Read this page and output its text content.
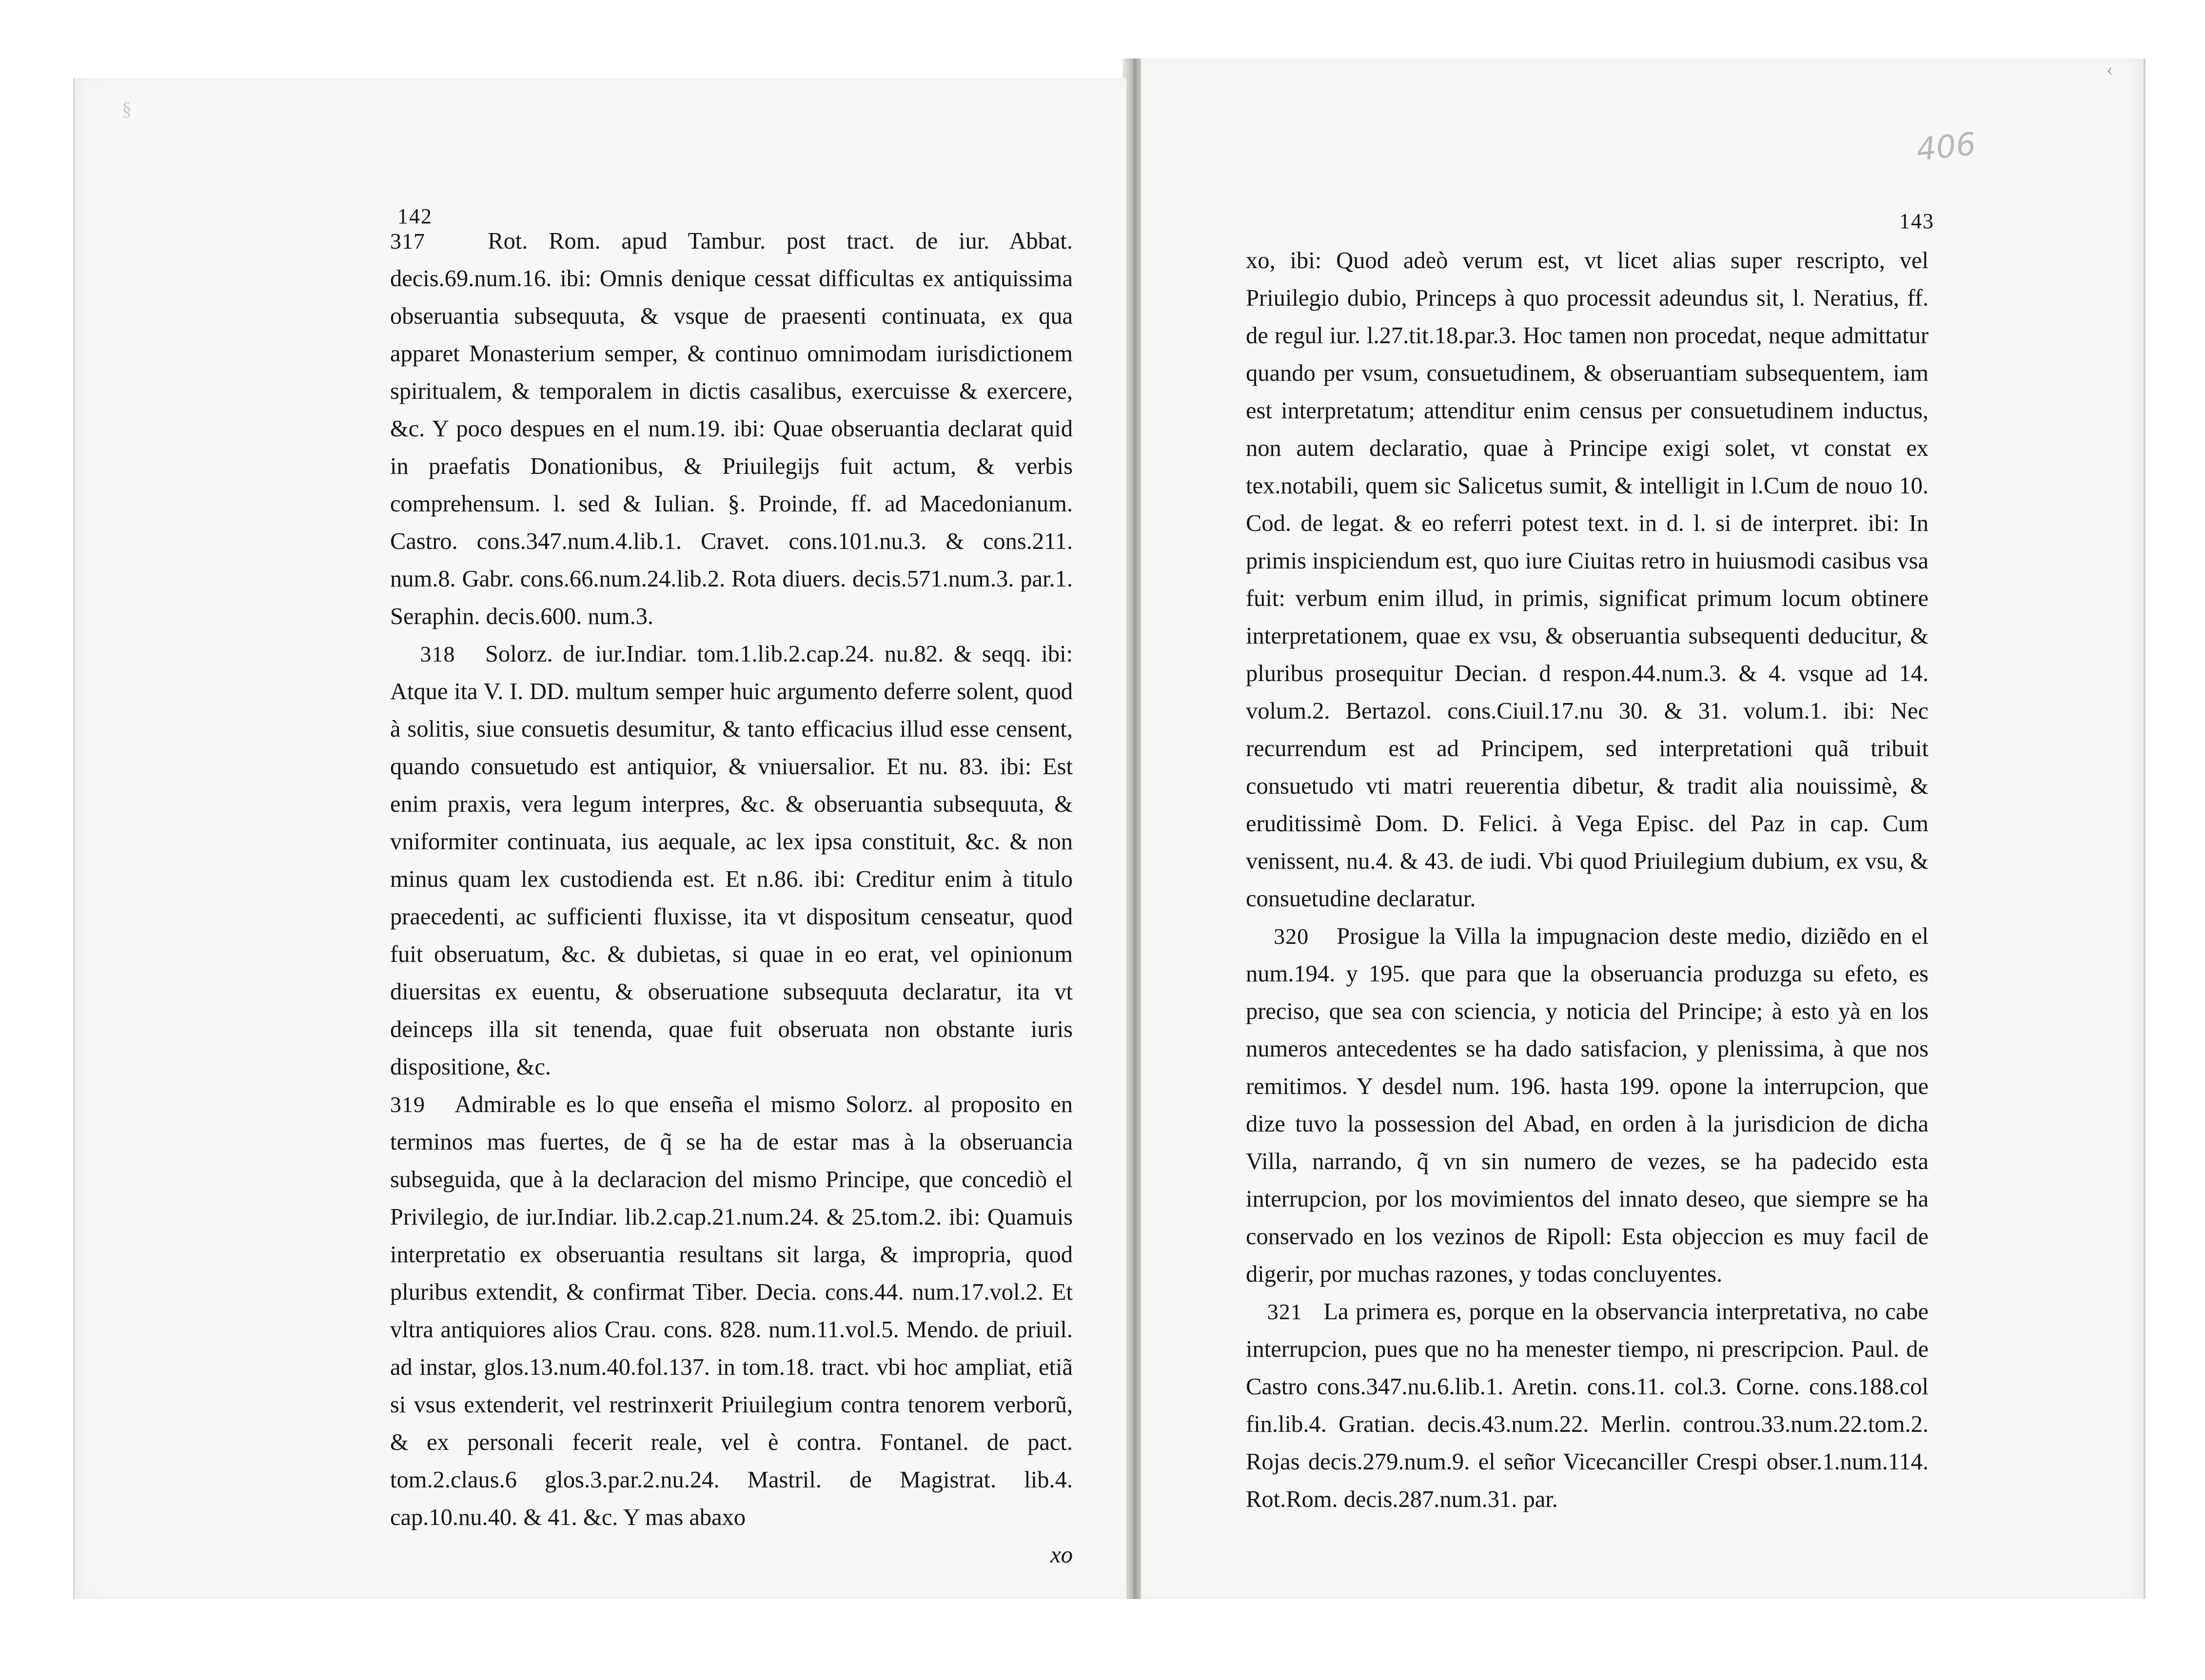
§
‹
142	143
406

317	Rot. Rom. apud Tambur. post tract. de iur. Abbat. decis.69.num.16. ibi: Omnis denique cessat difficultas ex antiquissima obseruantia subsequuta, & vsque de praesenti continuata, ex qua apparet Monasterium semper, & continuo omnimodam iurisdictionem spiritualem, & temporalem in dictis casalibus, exercuisse & exercere, &c. Y poco despues en el num.19. ibi: Quae obseruantia declarat quid in praefatis Donationibus, & Priuilegijs fuit actum, & verbis comprehensum. l. sed & Iulian. §. Proinde, ff. ad Macedonianum. Castro. cons.347.num.4.lib.1. Cravet. cons.101.nu.3. & cons.211. num.8. Gabr. cons.66.num.24.lib.2. Rota diuers. decis.571.num.3. par.1. Seraphin. decis.600. num.3.

318 Solorz. de iur.Indiar. tom.1.lib.2.cap.24. nu.82. & seqq. ibi: Atque ita V. I. DD. multum semper huic argumento deferre solent, quod à solitis, siue consuetis desumitur, & tanto efficacius illud esse censent, quando consuetudo est antiquior, & vniuersalior. Et nu. 83. ibi: Est enim praxis, vera legum interpres, &c. & obseruantia subsequuta, & vniformiter continuata, ius aequale, ac lex ipsa constituit, &c. & non minus quam lex custodienda est. Et n.86. ibi: Creditur enim à titulo praecedenti, ac sufficienti fluxisse, ita vt dispositum censeatur, quod fuit obseruatum, &c. & dubietas, si quae in eo erat, vel opinionum diuersitas ex euentu, & obseruatione subsequuta declaratur, ita vt deinceps illa sit tenenda, quae fuit obseruata non obstante iuris dispositione, &c.

319 Admirable es lo que enseña el mismo Solorz. al proposito en terminos mas fuertes, de q̃ se ha de estar mas à la obseruancia subseguida, que à la declaracion del mismo Principe, que concediò el Privilegio, de iur.Indiar. lib.2.cap.21.num.24. & 25.tom.2. ibi: Quamuis interpretatio ex obseruantia resultans sit larga, & impropria, quod pluribus extendit, & confirmat Tiber. Decia. cons.44. num.17.vol.2. Et vltra antiquiores alios Crau. cons. 828. num.11.vol.5. Mendo. de priuil. ad instar, glos.13.num.40.fol.137. in tom.18. tract. vbi hoc ampliat, etiã si vsus extenderit, vel restrinxerit Priuilegium contra tenorem verborũ, & ex personali fecerit reale, vel è contra. Fontanel. de pact. tom.2.claus.6 glos.3.par.2.nu.24. Mastril. de Magistrat. lib.4. cap.10.nu.40. & 41. &c. Y mas abaxo

xo

xo, ibi: Quod adeò verum est, vt licet alias super rescripto, vel Priuilegio dubio, Princeps à quo processit adeundus sit, l. Neratius, ff. de regul iur. l.27.tit.18.par.3. Hoc tamen non procedat, neque admittatur quando per vsum, consuetudinem, & obseruantiam subsequentem, iam est interpretatum; attenditur enim census per consuetudinem inductus, non autem declaratio, quae à Principe exigi solet, vt constat ex tex.notabili, quem sic Salicetus sumit, & intelligit in l.Cum de nouo 10. Cod. de legat. & eo referri potest text. in d. l. si de interpret. ibi: In primis inspiciendum est, quo iure Ciuitas retro in huiusmodi casibus vsa fuit: verbum enim illud, in primis, significat primum locum obtinere interpretationem, quae ex vsu, & obseruantia subsequenti deducitur, & pluribus prosequitur Decian. d respon.44.num.3. & 4. vsque ad 14. volum.2. Bertazol. cons.Ciuil.17.nu 30. & 31. volum.1. ibi: Nec recurrendum est ad Principem, sed interpretationi quã tribuit consuetudo vti matri reuerentia dibetur, & tradit alia nouissimè, & eruditissimè Dom. D. Felici. à Vega Episc. del Paz in cap. Cum venissent, nu.4. & 43. de iudi. Vbi quod Priuilegium dubium, ex vsu, & consuetudine declaratur.

320 Prosigue la Villa la impugnacion deste medio, diziẽdo en el num.194. y 195. que para que la obseruancia produzga su efeto, es preciso, que sea con sciencia, y noticia del Principe; à esto yà en los numeros antecedentes se ha dado satisfacion, y plenissima, à que nos remitimos. Y desdel num. 196. hasta 199. opone la interrupcion, que dize tuvo la possession del Abad, en orden à la jurisdicion de dicha Villa, narrando, q̃ vn sin numero de vezes, se ha padecido esta interrupcion, por los movimientos del innato deseo, que siempre se ha conservado en los vezinos de Ripoll: Esta objeccion es muy facil de digerir, por muchas razones, y todas concluyentes.

321 La primera es, porque en la observancia interpretativa, no cabe interrupcion, pues que no ha menester tiempo, ni prescripcion. Paul. de Castro cons.347.nu.6.lib.1. Aretin. cons.11. col.3. Corne. cons.188.col fin.lib.4. Gratian. decis.43.num.22. Merlin. controu.33.num.22.tom.2. Rojas decis.279.num.9. el señor Vicecanciller Crespi obser.1.num.114. Rot.Rom. decis.287.num.31. par.
